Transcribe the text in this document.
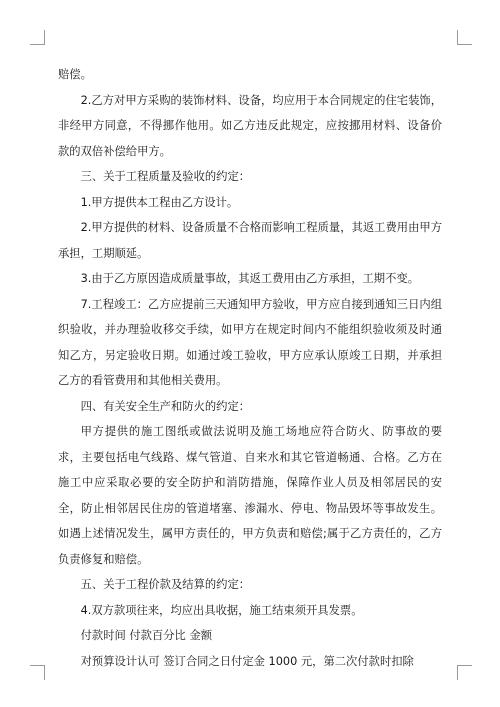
赔偿。

2.乙方对甲方采购的装饰材料、设备，均应用于本合同规定的住宅装饰，非经甲方同意，不得挪作他用。如乙方违反此规定，应按挪用材料、设备价款的双倍补偿给甲方。

三、关于工程质量及验收的约定：

1.甲方提供本工程由乙方设计。

2.甲方提供的材料、设备质量不合格而影响工程质量，其返工费用由甲方承担，工期顺延。

3.由于乙方原因造成质量事故，其返工费用由乙方承担，工期不变。

7.工程竣工：乙方应提前三天通知甲方验收，甲方应自接到通知三日内组织验收，并办理验收移交手续，如甲方在规定时间内不能组织验收须及时通知乙方，另定验收日期。如通过竣工验收，甲方应承认原竣工日期，并承担乙方的看管费用和其他相关费用。

四、有关安全生产和防火的约定：

甲方提供的施工图纸或做法说明及施工场地应符合防火、防事故的要求，主要包括电气线路、煤气管道、自来水和其它管道畅通、合格。乙方在施工中应采取必要的安全防护和消防措施，保障作业人员及相邻居民的安全，防止相邻居民住房的管道堵塞、渗漏水、停电、物品毁坏等事故发生。如遇上述情况发生，属甲方责任的，甲方负责和赔偿;属于乙方责任的，乙方负责修复和赔偿。

五、关于工程价款及结算的约定：

4.双方款项往来，均应出具收据，施工结束须开具发票。

付款时间 付款百分比 金额

对预算设计认可 签订合同之日付定金 1000 元，第二次付款时扣除
